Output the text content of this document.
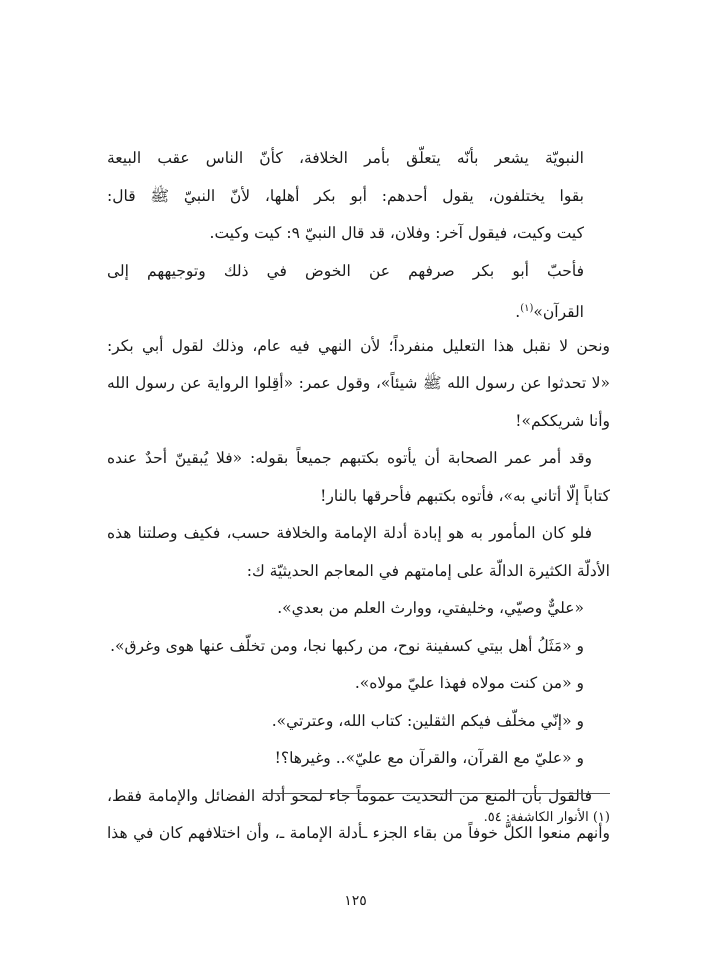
النبويّة يشعر بأنّه يتعلّق بأمر الخلافة، كأنّ الناس عقب البيعة
بقوا يختلفون، يقول أحدهم: أبو بكر أهلها، لأنّ النبيّ ﷺ قال:
كيت وكيت، فيقول آخر: وفلان، قد قال النبيّ ٩: كيت وكيت.
فأحبّ أبو بكر صرفهم عن الخوض في ذلك وتوجيههم إلى
القرآن»$^{(١)}$.
ونحن لا نقبل هذا التعليل منفرداً؛ لأن النهي فيه عام، وذلك لقول أبي بكر:
«لا تحدثوا عن رسول الله ﷺ شيئاً»، وقول عمر: «أقِلوا الرواية عن رسول الله
وأنا شريككم»!
وقد أمر عمر الصحابة أن يأتوه بكتبهم جميعاً بقوله: «فلا يُبقينّ أحدٌ عنده
كتاباً إلّا أتاني به»، فأتوه بكتبهم فأحرقها بالنار!
فلو كان المأمور به هو إبادة أدلة الإمامة والخلافة حسب، فكيف وصلتنا هذه
الأدلّة الكثيرة الدالّة على إمامتهم في المعاجم الحديثيّة ك:
«عليٌّ وصيّي، وخليفتي، ووارث العلم من بعدي».
و «مَثَلُ أهل بيتي كسفينة نوح، من ركبها نجا، ومن تخلّف عنها هوى وغرق».
و «من كنت مولاه فهذا عليّ مولاه».
و «إنّي مخلّف فيكم الثقلين: كتاب الله، وعترتي».
و «عليّ مع القرآن، والقرآن مع عليّ».. وغيرها؟!
فالقول بأن المنع من التحديث عموماً جاء لمحو أدلة الفضائل والإمامة فقط،
وأنهم منعوا الكلَّ خوفاً من بقاء الجزء ـأدلة الإمامة ـ، وأن اختلافهم كان في هذا
(١) الأنوار الكاشفة: ٥٤.
١٢٥
